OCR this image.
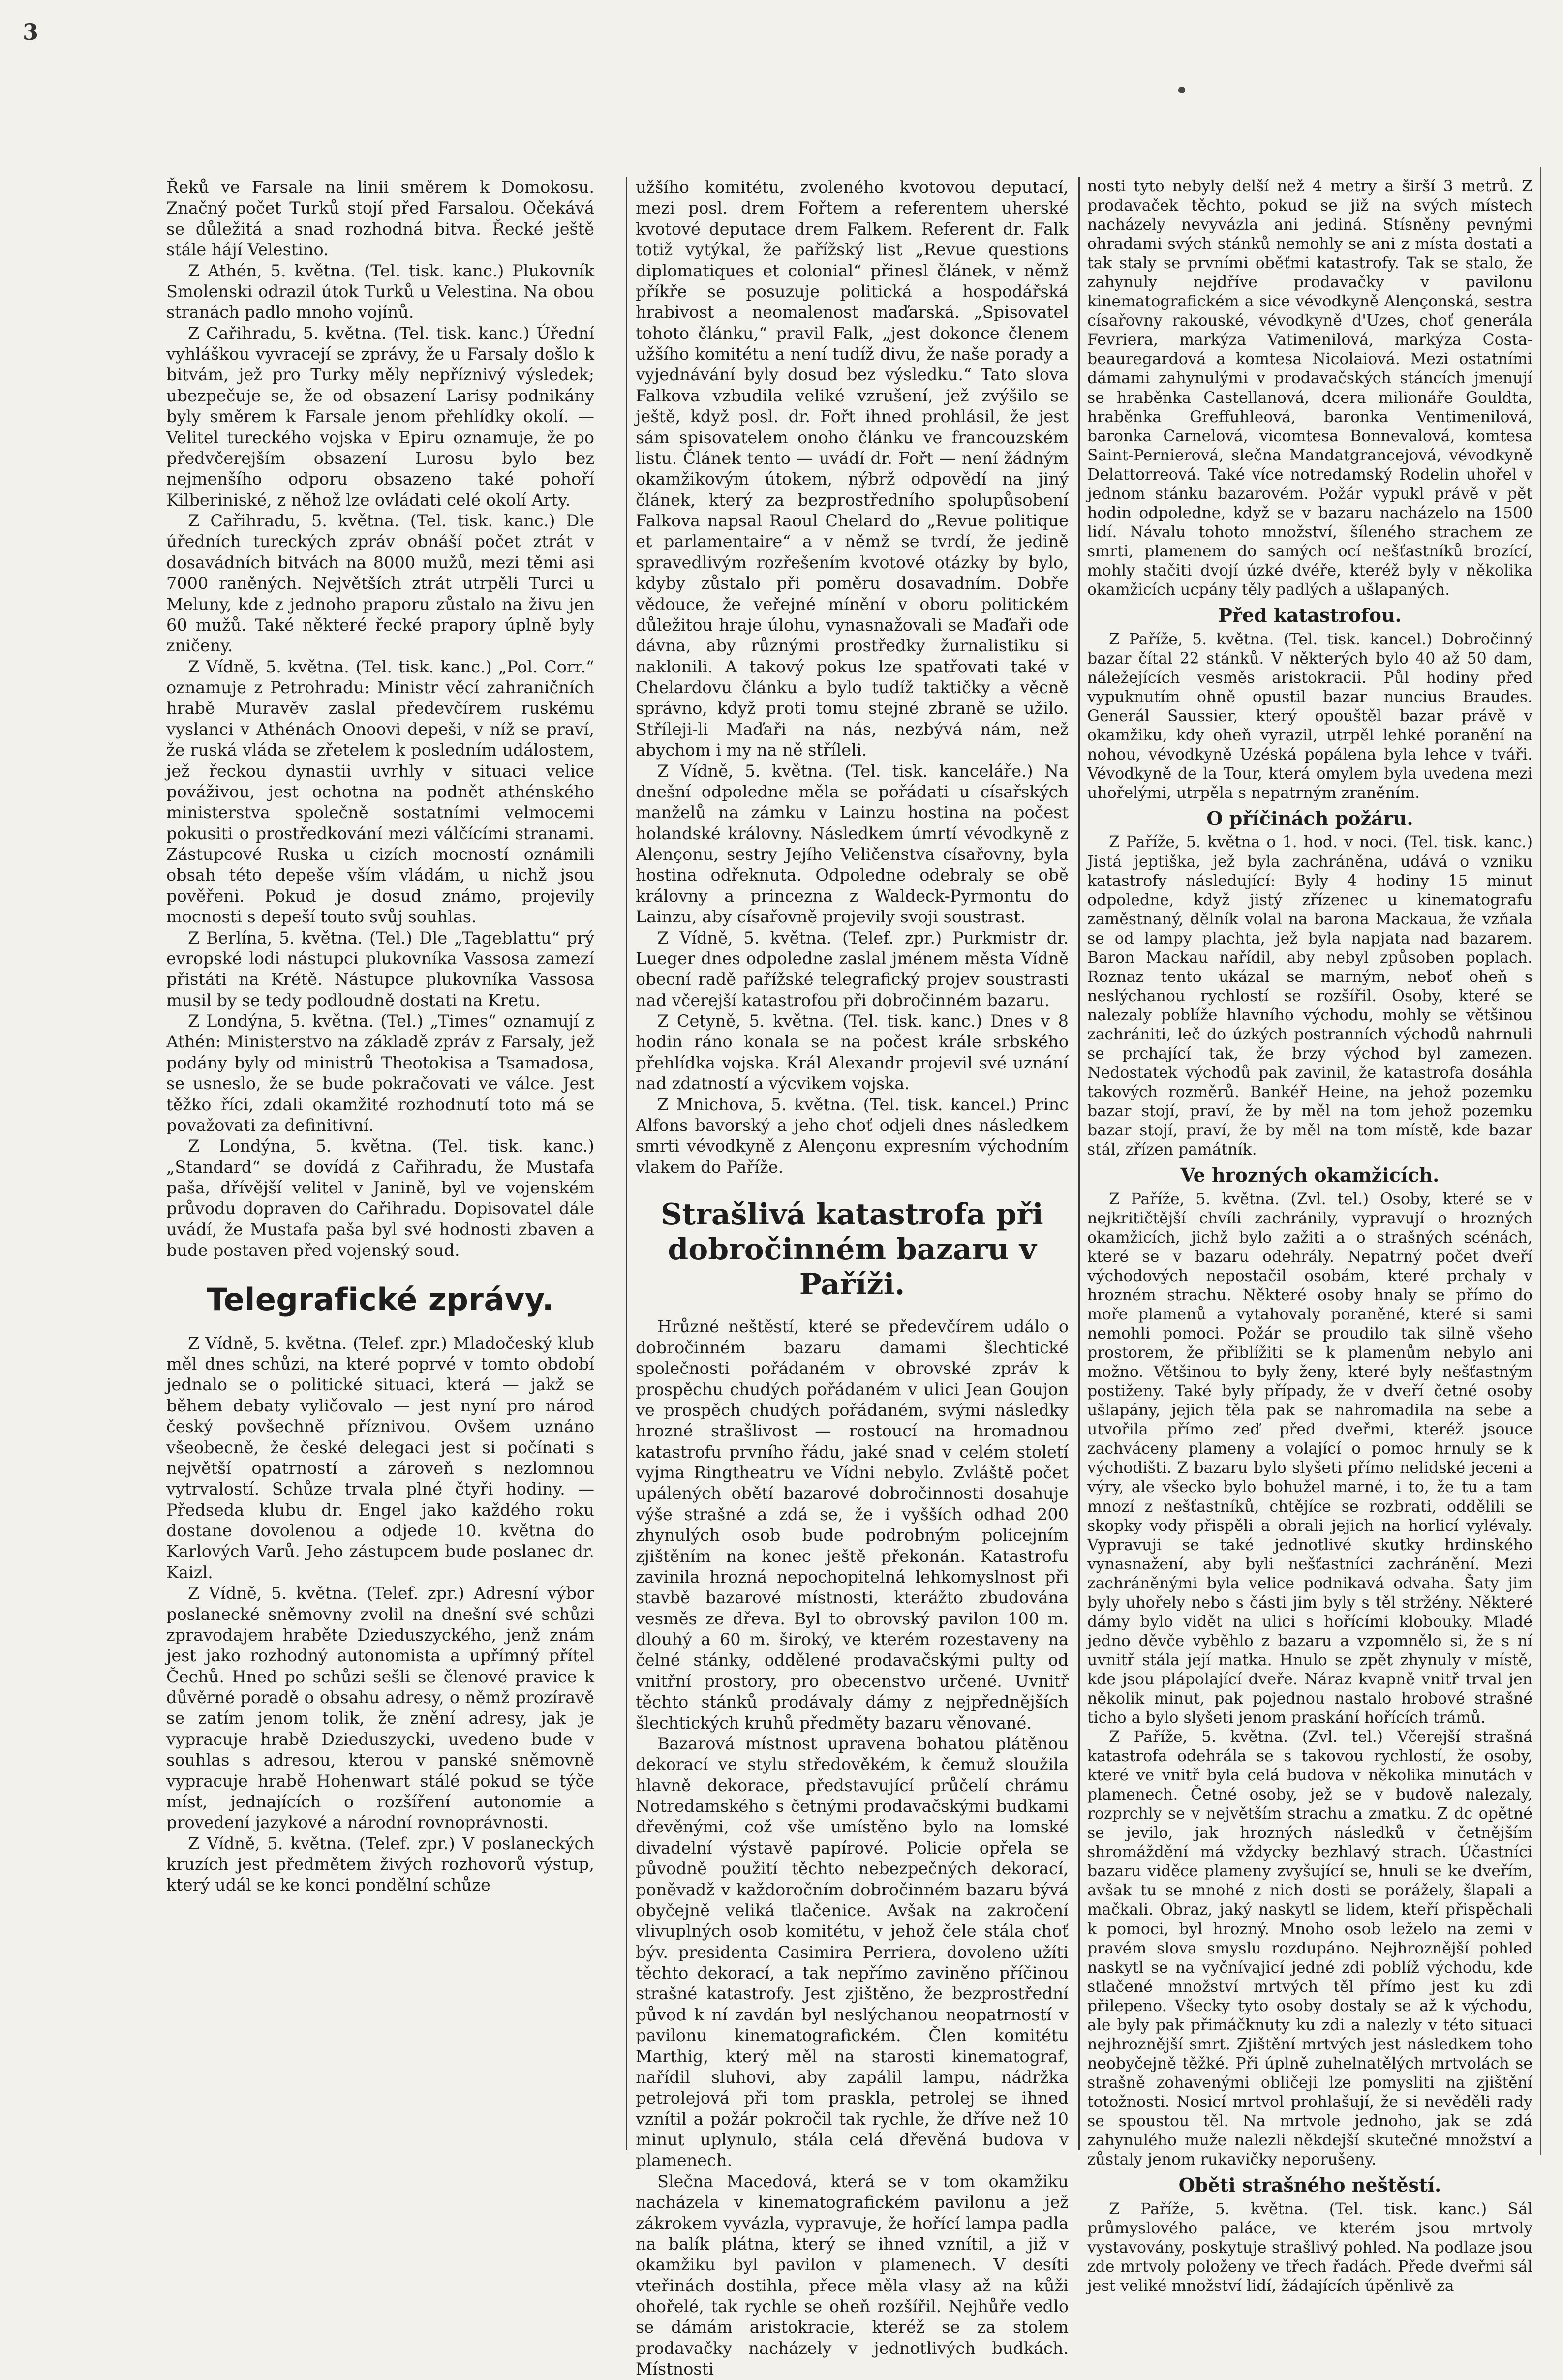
3

Řeků ve Farsale na linii směrem k Domokosu. Značný počet Turků stojí před Farsalou. Očekává se důležitá a snad rozhodná bitva. Řecké ještě stále hájí Velestino.

Z Athén, 5. května. (Tel. tisk. kanc.) Plukovník Smolenski odrazil útok Turků u Velestina. Na obou stranách padlo mnoho vojínů.

Z Cařihradu, 5. května. (Tel. tisk. kanc.) Úřední vyhláškou vyvracejí se zprávy, že u Farsaly došlo k bitvám, jež pro Turky měly nepříznivý výsledek; ubezpečuje se, že od obsazení Larisy podnikány byly směrem k Farsale jenom přehlídky okolí. — Velitel tureckého vojska v Epiru oznamuje, že po předvčerejším obsazení Lurosu bylo bez nejmenšího odporu obsazeno také pohoří Kilberiniské, z něhož lze ovládati celé okolí Arty.

Z Cařihradu, 5. května. (Tel. tisk. kanc.) Dle úředních tureckých zpráv obnáší počet ztrát v dosavádních bitvách na 8000 mužů, mezi těmi asi 7000 raněných. Největších ztrát utrpěli Turci u Meluny, kde z jednoho praporu zůstalo na živu jen 60 mužů. Také některé řecké prapory úplně byly zničeny.

Z Vídně, 5. května. (Tel. tisk. kanc.) „Pol. Corr.“ oznamuje z Petrohradu: Ministr věcí zahraničních hrabě Muravěv zaslal předevčírem ruskému vyslanci v Athénách Onoovi depeši, v níž se praví, že ruská vláda se zřetelem k posledním událostem, jež řeckou dynastii uvrhly v situaci velice pováživou, jest ochotna na podnět athénského ministerstva společně sostatními velmocemi pokusiti o prostředkování mezi válčícími stranami. Zástupcové Ruska u cizích mocností oznámili obsah této depeše vším vládám, u nichž jsou pověřeni. Pokud je dosud známo, projevily mocnosti s depeší touto svůj souhlas.

Z Berlína, 5. května. (Tel.) Dle „Tageblattu“ prý evropské lodi nástupci plukovníka Vassosa zamezí přistáti na Krétě. Nástupce plukovníka Vassosa musil by se tedy podloudně dostati na Kretu.

Z Londýna, 5. května. (Tel.) „Times“ oznamují z Athén: Ministerstvo na základě zpráv z Farsaly, jež podány byly od ministrů Theotokisa a Tsamadosa, se usneslo, že se bude pokračovati ve válce. Jest těžko říci, zdali okamžité rozhodnutí toto má se považovati za definitivní.

Z Londýna, 5. května. (Tel. tisk. kanc.) „Standard“ se dovídá z Cařihradu, že Mustafa paša, dřívější velitel v Janině, byl ve vojenském průvodu dopraven do Cařihradu. Dopisovatel dále uvádí, že Mustafa paša byl své hodnosti zbaven a bude postaven před vojenský soud.

Telegrafické zprávy.

Z Vídně, 5. května. (Telef. zpr.) Mladočeský klub měl dnes schůzi, na které poprvé v tomto období jednalo se o politické situaci, která — jakž se během debaty vyličovalo — jest nyní pro národ český povšechně příznivou. Ovšem uznáno všeobecně, že české delegaci jest si počínati s největší opatrností a zároveň s nezlomnou vytrvalostí. Schůze trvala plné čtyři hodiny. — Předseda klubu dr. Engel jako každého roku dostane dovolenou a odjede 10. května do Karlových Varů. Jeho zástupcem bude poslanec dr. Kaizl.

Z Vídně, 5. května. (Telef. zpr.) Adresní výbor poslanecké sněmovny zvolil na dnešní své schůzi zpravodajem hraběte Dzieduszyckého, jenž znám jest jako rozhodný autonomista a upřímný přítel Čechů. Hned po schůzi sešli se členové pravice k důvěrné poradě o obsahu adresy, o němž prozíravě se zatím jenom tolik, že znění adresy, jak je vypracuje hrabě Dzieduszycki, uvedeno bude v souhlas s adresou, kterou v panské sněmovně vypracuje hrabě Hohenwart stálé pokud se týče míst, jednajících o rozšíření autonomie a provedení jazykové a národní rovnoprávnosti.

Z Vídně, 5. května. (Telef. zpr.) V poslaneckých kruzích jest předmětem živých rozhovorů výstup, který udál se ke konci pondělní schůze

užšího komitétu, zvoleného kvotovou deputací, mezi posl. drem Fořtem a referentem uherské kvotové deputace drem Falkem. Referent dr. Falk totiž vytýkal, že pařížský list „Revue questions diplomatiques et colonial“ přinesl článek, v němž příkře se posuzuje politická a hospodářská hrabivost a neomalenost maďarská. „Spisovatel tohoto článku,“ pravil Falk, „jest dokonce členem užšího komitétu a není tudíž divu, že naše porady a vyjednávání byly dosud bez výsledku.“ Tato slova Falkova vzbudila veliké vzrušení, jež zvýšilo se ještě, když posl. dr. Fořt ihned prohlásil, že jest sám spisovatelem onoho článku ve francouzském listu. Článek tento — uvádí dr. Fořt — není žádným okamžikovým útokem, nýbrž odpovědí na jiný článek, který za bezprostředního spolupůsobení Falkova napsal Raoul Chelard do „Revue politique et parlamentaire“ a v němž se tvrdí, že jedině spravedlivým rozřešením kvotové otázky by bylo, kdyby zůstalo při poměru dosavadním. Dobře vědouce, že veřejné mínění v oboru politickém důležitou hraje úlohu, vynasnažovali se Maďaři ode dávna, aby různými prostředky žurnalistiku si naklonili. A takový pokus lze spatřovati také v Chelardovu článku a bylo tudíž taktičky a věcně správno, když proti tomu stejné zbraně se užilo. Stříleji-li Maďaři na nás, nezbývá nám, než abychom i my na ně stříleli.

Z Vídně, 5. května. (Tel. tisk. kanceláře.) Na dnešní odpoledne měla se pořádati u císařských manželů na zámku v Lainzu hostina na počest holandské královny. Následkem úmrtí vévodkyně z Alençonu, sestry Jejího Veličenstva císařovny, byla hostina odřeknuta. Odpoledne odebraly se obě královny a princezna z Waldeck-Pyrmontu do Lainzu, aby císařovně projevily svoji soustrast.

Z Vídně, 5. května. (Telef. zpr.) Purkmistr dr. Lueger dnes odpoledne zaslal jménem města Vídně obecní radě pařížské telegrafický projev soustrasti nad včerejší katastrofou při dobročinném bazaru.

Z Cetyně, 5. května. (Tel. tisk. kanc.) Dnes v 8 hodin ráno konala se na počest krále srbského přehlídka vojska. Král Alexandr projevil své uznání nad zdatností a výcvikem vojska.

Z Mnichova, 5. května. (Tel. tisk. kancel.) Princ Alfons bavorský a jeho choť odjeli dnes následkem smrti vévodkyně z Alençonu expresním východním vlakem do Paříže.

Strašlivá katastrofa při dobročinném bazaru v Paříži.

Hrůzné neštěstí, které se předevčírem událo o dobročinném bazaru damami šlechtické společnosti pořádaném v obrovské zpráv k prospěchu chudých pořádaném v ulici Jean Goujon ve prospěch chudých pořádaném, svými následky hrozné strašlivost — rostoucí na hromadnou katastrofu prvního řádu, jaké snad v celém století vyjma Ringtheatru ve Vídni nebylo. Zvláště počet upálených obětí bazarové dobročinnosti dosahuje výše strašné a zdá se, že i vyšších odhad 200 zhynulých osob bude podrobným policejním zjištěním na konec ještě překonán. Katastrofu zavinila hrozná nepochopitelná lehkomyslnost při stavbě bazarové místnosti, kterážto zbudována vesměs ze dřeva. Byl to obrovský pavilon 100 m. dlouhý a 60 m. široký, ve kterém rozestaveny na čelné stánky, oddělené prodavačskými pulty od vnitřní prostory, pro obecenstvo určené. Uvnitř těchto stánků prodávaly dámy z nejpřednějších šlechtických kruhů předměty bazaru věnované.

Bazarová místnost upravena bohatou plátěnou dekorací ve stylu středověkém, k čemuž sloužila hlavně dekorace, představující průčelí chrámu Notredamského s četnými prodavačskými budkami dřevěnými, což vše umístěno bylo na lomské divadelní výstavě papírové. Policie opřela se původně použití těchto nebezpečných dekorací, poněvadž v každoročním dobročinném bazaru bývá obyčejně veliká tlačenice. Avšak na zakročení vlivuplných osob komitétu, v jehož čele stála choť býv. presidenta Casimira Perriera, dovoleno užíti těchto dekorací, a tak nepřímo zaviněno příčinou strašné katastrofy. Jest zjištěno, že bezprostřední původ k ní zavdán byl neslýchanou neopatrností v pavilonu kinematografickém. Člen komitétu Marthig, který měl na starosti kinematograf, nařídil sluhovi, aby zapálil lampu, nádržka petrolejová při tom praskla, petrolej se ihned vznítil a požár pokročil tak rychle, že dříve než 10 minut uplynulo, stála celá dřevěná budova v plamenech.

Slečna Macedová, která se v tom okamžiku nacházela v kinematografickém pavilonu a jež zákrokem vyvázla, vypravuje, že hořící lampa padla na balík plátna, který se ihned vznítil, a již v okamžiku byl pavilon v plamenech. V desíti vteřinách dostihla, přece měla vlasy až na kůži ohořelé, tak rychle se oheň rozšířil. Nejhůře vedlo se dámám aristokracie, kteréž se za stolem prodavačky nacházely v jednotlivých budkách. Místnosti

nosti tyto nebyly delší než 4 metry a širší 3 metrů. Z prodavaček těchto, pokud se již na svých místech nacházely nevyvázla ani jediná. Stísněny pevnými ohradami svých stánků nemohly se ani z místa dostati a tak staly se prvními oběťmi katastrofy. Tak se stalo, že zahynuly nejdříve prodavačky v pavilonu kinematografickém a sice vévodkyně Alençonská, sestra císařovny rakouské, vévodkyně d'Uzes, choť generála Fevriera, markýza Vatimenilová, markýza Costa-beauregardová a komtesa Nicolaiová. Mezi ostatními dámami zahynulými v prodavačských stáncích jmenují se hraběnka Castellanová, dcera milionáře Gouldta, hraběnka Greffuhleová, baronka Ventimenilová, baronka Carnelová, vicomtesa Bonnevalová, komtesa Saint-Pernierová, slečna Mandatgrancejová, vévodkyně Delattorreová. Také více notredamský Rodelin uhořel v jednom stánku bazarovém. Požár vypukl právě v pět hodin odpoledne, když se v bazaru nacházelo na 1500 lidí. Návalu tohoto množství, šíleného strachem ze smrti, plamenem do samých ocí nešťastníků brozící, mohly stačiti dvojí úzké dvéře, kteréž byly v několika okamžicích ucpány těly padlých a ušlapaných.

Před katastrofou.

Z Paříže, 5. května. (Tel. tisk. kancel.) Dobročinný bazar čítal 22 stánků. V některých bylo 40 až 50 dam, náležejících vesměs aristokracii. Půl hodiny před vypuknutím ohně opustil bazar nuncius Braudes. Generál Saussier, který opouštěl bazar právě v okamžiku, kdy oheň vyrazil, utrpěl lehké poranění na nohou, vévodkyně Uzéská popálena byla lehce v tváři. Vévodkyně de la Tour, která omylem byla uvedena mezi uhořelými, utrpěla s nepatrným zraněním.

O příčinách požáru.

Z Paříže, 5. května o 1. hod. v noci. (Tel. tisk. kanc.) Jistá jeptiška, jež byla zachráněna, udává o vzniku katastrofy následující: Byly 4 hodiny 15 minut odpoledne, když jistý zřízenec u kinematografu zaměstnaný, dělník volal na barona Mackaua, že vzňala se od lampy plachta, jež byla napjata nad bazarem. Baron Mackau nařídil, aby nebyl způsoben poplach. Roznaz tento ukázal se marným, neboť oheň s neslýchanou rychlostí se rozšířil. Osoby, které se nalezaly poblíže hlavního východu, mohly se většinou zachrániti, leč do úzkých postranních východů nahrnuli se prchající tak, že brzy východ byl zamezen. Nedostatek východů pak zavinil, že katastrofa dosáhla takových rozměrů. Bankéř Heine, na jehož pozemku bazar stojí, praví, že by měl na tom jehož pozemku bazar stojí, praví, že by měl na tom místě, kde bazar stál, zřízen památník.

Ve hrozných okamžicích.

Z Paříže, 5. května. (Zvl. tel.) Osoby, které se v nejkritičtější chvíli zachránily, vypravují o hrozných okamžicích, jichž bylo zažiti a o strašných scénách, které se v bazaru odehrály. Nepatrný počet dveří východových nepostačil osobám, které prchaly v hrozném strachu. Některé osoby hnaly se přímo do moře plamenů a vytahovaly poraněné, které si sami nemohli pomoci. Požár se proudilo tak silně všeho prostorem, že přiblížiti se k plamenům nebylo ani možno. Většinou to byly ženy, které byly nešťastným postiženy. Také byly případy, že v dveří četné osoby ušlapány, jejich těla pak se nahromadila na sebe a utvořila přímo zeď před dveřmi, kteréž jsouce zachváceny plameny a volající o pomoc hrnuly se k východišti. Z bazaru bylo slyšeti přímo nelidské jeceni a výry, ale všecko bylo bohužel marné, i to, že tu a tam mnozí z nešťastníků, chtějíce se rozbrati, oddělili se skopky vody přispěli a obrali jejich na horlicí vylévaly. Vypravuji se také jednotlivé skutky hrdinského vynasnažení, aby byli nešťastníci zachránění. Mezi zachráněnými byla velice podnikavá odvaha. Šaty jim byly uhořely nebo s části jim byly s těl stržény. Některé dámy bylo vidět na ulici s hořícími klobouky. Mladé jedno děvče vyběhlo z bazaru a vzpomnělo si, že s ní uvnitř stála její matka. Hnulo se zpět zhynuly v místě, kde jsou plápolající dveře. Náraz kvapně vnitř trval jen několik minut, pak pojednou nastalo hrobové strašné ticho a bylo slyšeti jenom praskání hořících trámů.

Z Paříže, 5. května. (Zvl. tel.) Včerejší strašná katastrofa odehrála se s takovou rychlostí, že osoby, které ve vnitř byla celá budova v několika minutách v plamenech. Četné osoby, jež se v budově nalezaly, rozprchly se v největším strachu a zmatku. Z dc opětné se jevilo, jak hrozných následků v četnějším shromáždění má vždycky bezhlavý strach. Účastníci bazaru viděce plameny zvyšující se, hnuli se ke dveřím, avšak tu se mnohé z nich dosti se porážely, šlapali a mačkali. Obraz, jaký naskytl se lidem, kteří přispěchali k pomoci, byl hrozný. Mnoho osob leželo na zemi v pravém slova smyslu rozdupáno. Nejhroznější pohled naskytl se na vyčnívajicí jedné zdi poblíž východu, kde stlačené množství mrtvých těl přímo jest ku zdi přilepeno. Všecky tyto osoby dostaly se až k východu, ale byly pak přimáčknuty ku zdi a nalezly v této situaci nejhroznější smrt. Zjištění mrtvých jest následkem toho neobyčejně těžké. Při úplně zuhelnatělých mrtvolách se strašně zohavenými obličeji lze pomysliti na zjištění totožnosti. Nosicí mrtvol prohlašují, že si nevěděli rady se spoustou těl. Na mrtvole jednoho, jak se zdá zahynulého muže nalezli někdejší skutečné množství a zůstaly jenom rukavičky neporušeny.

Oběti strašného neštěstí.

Z Paříže, 5. května. (Tel. tisk. kanc.) Sál průmyslového paláce, ve kterém jsou mrtvoly vystavovány, poskytuje strašlivý pohled. Na podlaze jsou zde mrtvoly položeny ve třech řadách. Přede dveřmi sál jest veliké množství lidí, žádajících úpěnlivě za
